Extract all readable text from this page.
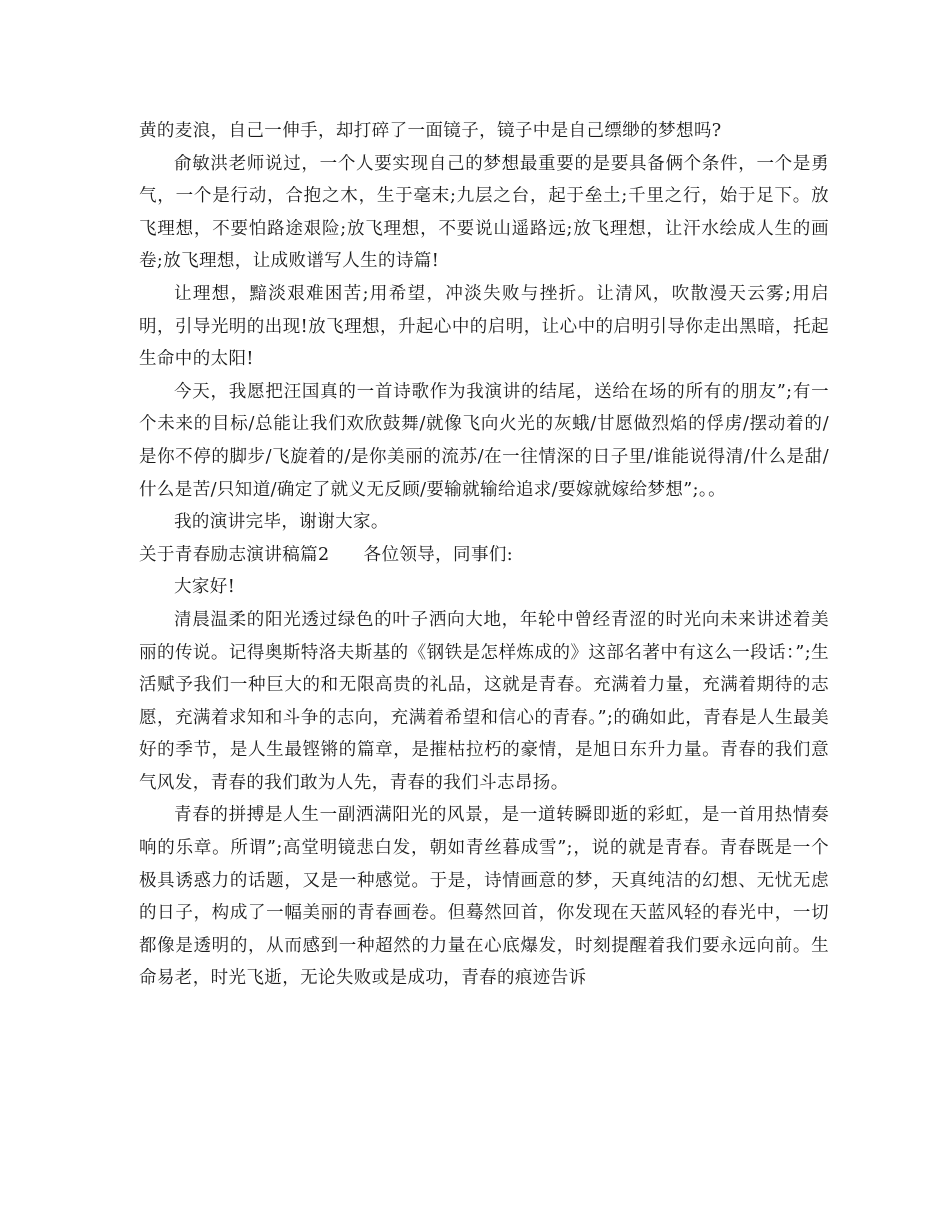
黄的麦浪，自己一伸手，却打碎了一面镜子，镜子中是自己缥缈的梦想吗?

俞敏洪老师说过，一个人要实现自己的梦想最重要的是要具备俩个条件，一个是勇气，一个是行动，合抱之木，生于毫末;九层之台，起于垒土;千里之行，始于足下。放飞理想，不要怕路途艰险;放飞理想，不要说山遥路远;放飞理想，让汗水绘成人生的画卷;放飞理想，让成败谱写人生的诗篇!

让理想，黯淡艰难困苦;用希望，冲淡失败与挫折。让清风，吹散漫天云雾;用启明，引导光明的出现!放飞理想，升起心中的启明，让心中的启明引导你走出黑暗，托起生命中的太阳!

今天，我愿把汪国真的一首诗歌作为我演讲的结尾，送给在场的所有的朋友”;有一个未来的目标/总能让我们欢欣鼓舞/就像飞向火光的灰蛾/甘愿做烈焰的俘虏/摆动着的/是你不停的脚步/飞旋着的/是你美丽的流苏/在一往情深的日子里/谁能说得清/什么是甜/什么是苦/只知道/确定了就义无反顾/要输就输给追求/要嫁就嫁给梦想”;。。

我的演讲完毕，谢谢大家。

关于青春励志演讲稿篇2 各位领导，同事们:

大家好!

清晨温柔的阳光透过绿色的叶子洒向大地，年轮中曾经青涩的时光向未来讲述着美丽的传说。记得奥斯特洛夫斯基的《钢铁是怎样炼成的》这部名著中有这么一段话：”;生活赋予我们一种巨大的和无限高贵的礼品，这就是青春。充满着力量，充满着期待的志愿，充满着求知和斗争的志向，充满着希望和信心的青春。”;的确如此，青春是人生最美好的季节，是人生最铿锵的篇章，是摧枯拉朽的豪情，是旭日东升力量。青春的我们意气风发，青春的我们敢为人先，青春的我们斗志昂扬。

青春的拼搏是人生一副洒满阳光的风景，是一道转瞬即逝的彩虹，是一首用热情奏响的乐章。所谓”;高堂明镜悲白发，朝如青丝暮成雪”;，说的就是青春。青春既是一个极具诱惑力的话题，又是一种感觉。于是，诗情画意的梦，天真纯洁的幻想、无忧无虑的日子，构成了一幅美丽的青春画卷。但蓦然回首，你发现在天蓝风轻的春光中，一切都像是透明的，从而感到一种超然的力量在心底爆发，时刻提醒着我们要永远向前。生命易老，时光飞逝，无论失败或是成功，青春的痕迹告诉
